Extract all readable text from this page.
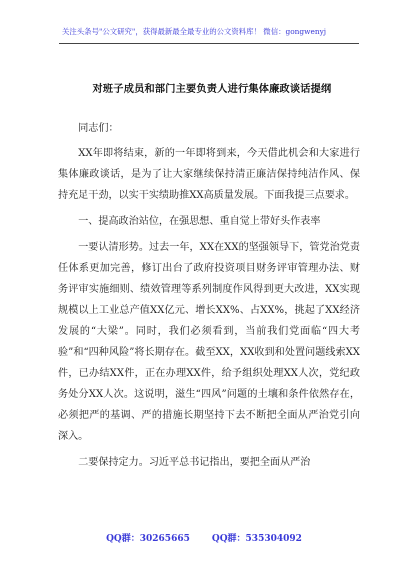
关注头条号"公文研究"，获得最新最全最专业的公文资料库！ 微信：gongwenyj
对班子成员和部门主要负责人进行集体廉政谈话提纲

同志们：

XX年即将结束，新的一年即将到来，今天借此机会和大家进行集体廉政谈话，是为了让大家继续保持清正廉洁保持纯洁作风、保持充足干劲，以实干实绩助推XX高质量发展。下面我提三点要求。

一、提高政治站位，在强思想、重自觉上带好头作表率

一要认清形势。过去一年，XX在XX的坚强领导下，管党治党责任体系更加完善，修订出台了政府投资项目财务评审管理办法、财务评审实施细则、绩效管理等系列制度作风得到更大改进，XX实现规模以上工业总产值XX亿元、增长XX%、占XX%，挑起了XX经济发展的“大梁”。同时，我们必须看到，当前我们党面临“四大考验”和“四种风险”将长期存在。截至XX，XX收到和处置问题线索XX件，已办结XX件，正在办理XX件，给予组织处理XX人次，党纪政务处分XX人次。这说明，滋生“四风”问题的土壤和条件依然存在，必须把严的基调、严的措施长期坚持下去不断把全面从严治党引向深入。

二要保持定力。习近平总书记指出，要把全面从严治

QQ群：30265665 QQ群：535304092
